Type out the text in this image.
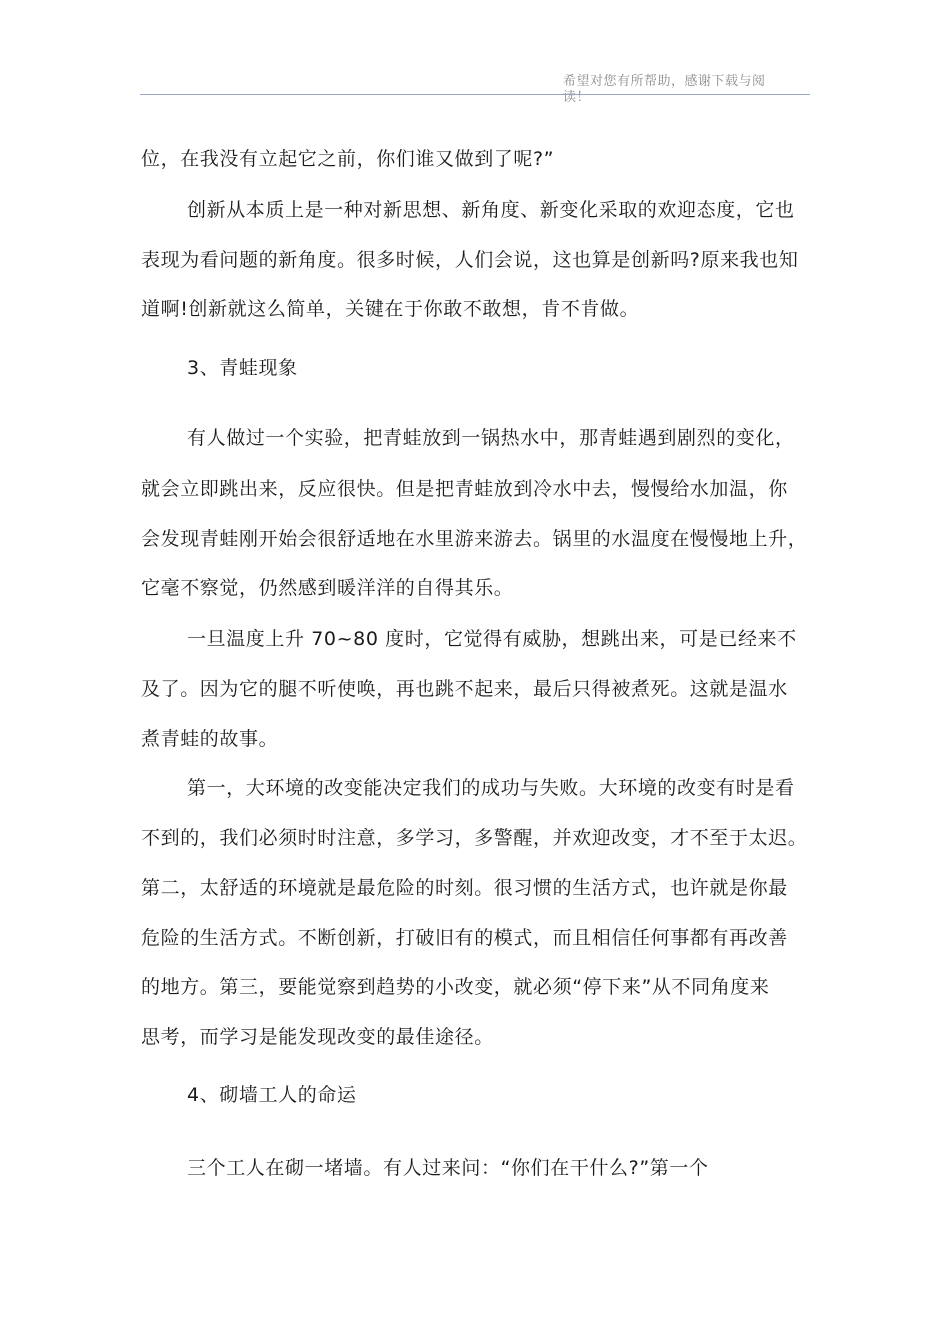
希望对您有所帮助，感谢下载与阅
读！
位，在我没有立起它之前，你们谁又做到了呢?”
创新从本质上是一种对新思想、新角度、新变化采取的欢迎态度，它也
表现为看问题的新角度。很多时候，人们会说，这也算是创新吗?原来我也知
道啊!创新就这么简单，关键在于你敢不敢想，肯不肯做。
3、青蛙现象
有人做过一个实验，把青蛙放到一锅热水中，那青蛙遇到剧烈的变化，
就会立即跳出来，反应很快。但是把青蛙放到冷水中去，慢慢给水加温，你
会发现青蛙刚开始会很舒适地在水里游来游去。锅里的水温度在慢慢地上升，
它毫不察觉，仍然感到暖洋洋的自得其乐。
一旦温度上升 70~80 度时，它觉得有威胁，想跳出来，可是已经来不
及了。因为它的腿不听使唤，再也跳不起来，最后只得被煮死。这就是温水
煮青蛙的故事。
第一，大环境的改变能决定我们的成功与失败。大环境的改变有时是看
不到的，我们必须时时注意，多学习，多警醒，并欢迎改变，才不至于太迟。
第二，太舒适的环境就是最危险的时刻。很习惯的生活方式，也许就是你最
危险的生活方式。不断创新，打破旧有的模式，而且相信任何事都有再改善
的地方。第三，要能觉察到趋势的小改变，就必须“停下来”从不同角度来
思考，而学习是能发现改变的最佳途径。
4、砌墙工人的命运
三个工人在砌一堵墙。有人过来问：“你们在干什么?”第一个
